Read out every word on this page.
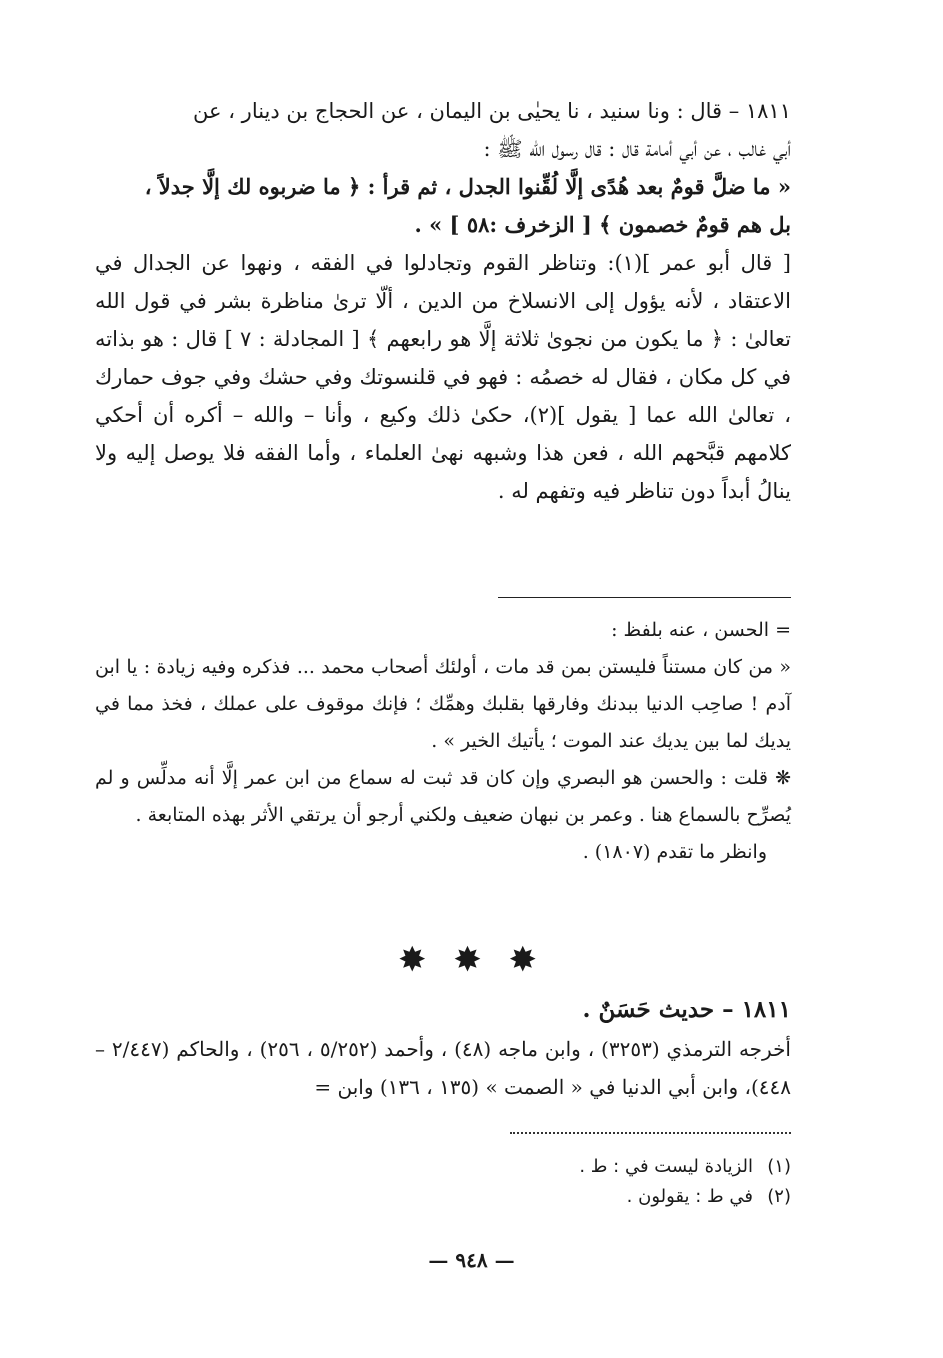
١٨١١ – قال : ونا سنيد ، نا يحيٰى بن اليمان ، عن الحجاج بن دينار ، عن

أبي غالب ، عن أبي أمامة قال : قال رسول الله ﷺ :

« ما ضلَّ قومٌ بعد هُدًى إلَّا لُقِّنوا الجدل ، ثم قرأ : ﴿ ما ضربوه لك إلَّا جدلاً ،

بل هم قومٌ خصمون ﴾ [ الزخرف :٥٨ ] » .

[ قال أبو عمر ](١): وتناظر القوم وتجادلوا في الفقه ، ونهوا عن الجدال في الاعتقاد ، لأنه يؤول إلى الانسلاخ من الدين ، ألّا ترىٰ مناظرة بشر في قول الله تعالىٰ : ﴿ ما يكون من نجوىٰ ثلاثة إلَّا هو رابعهم ﴾ [ المجادلة : ٧ ] قال : هو بذاته في كل مكان ، فقال له خصمُه : فهو في قلنسوتك وفي حشك وفي جوف حمارك ، تعالىٰ الله عما [ يقول ](٢)، حكىٰ ذلك وكيع ، وأنا – والله – أكره أن أحكي كلامهم قبَّحهم الله ، فعن هذا وشبهه نهىٰ العلماء ، وأما الفقه فلا يوصل إليه ولا ينالُ أبداً دون تناظر فيه وتفهم له .

= الحسن ، عنه بلفظ :

« من كان مستناً فليستن بمن قد مات ، أولئك أصحاب محمد ... فذكره وفيه زيادة : يا ابن آدم ! صاحِب الدنيا ببدنك وفارقها بقلبك وهمِّك ؛ فإنك موقوف على عملك ، فخذ مما في يديك لما بين يديك عند الموت ؛ يأتيك الخير » .

❋ قلت : والحسن هو البصري وإن كان قد ثبت له سماع من ابن عمر إلَّا أنه مدلِّس و لم يُصرِّح بالسماع هنا . وعمر بن نبهان ضعيف ولكني أرجو أن يرتقي الأثر بهذه المتابعة .

وانظر ما تقدم (١٨٠٧) .

✸ ✸ ✸

١٨١١ – حديث حَسَنٌ .

أخرجه الترمذي (٣٢٥٣) ، وابن ماجه (٤٨) ، وأحمد (٥/٢٥٢ ، ٢٥٦) ، والحاكم (٢/٤٤٧ – ٤٤٨)، وابن أبي الدنيا في « الصمت » (١٣٥ ، ١٣٦) وابن =

(١)الزيادة ليست في : ط .

(٢)في ط : يقولون .

— ٩٤٨ —
